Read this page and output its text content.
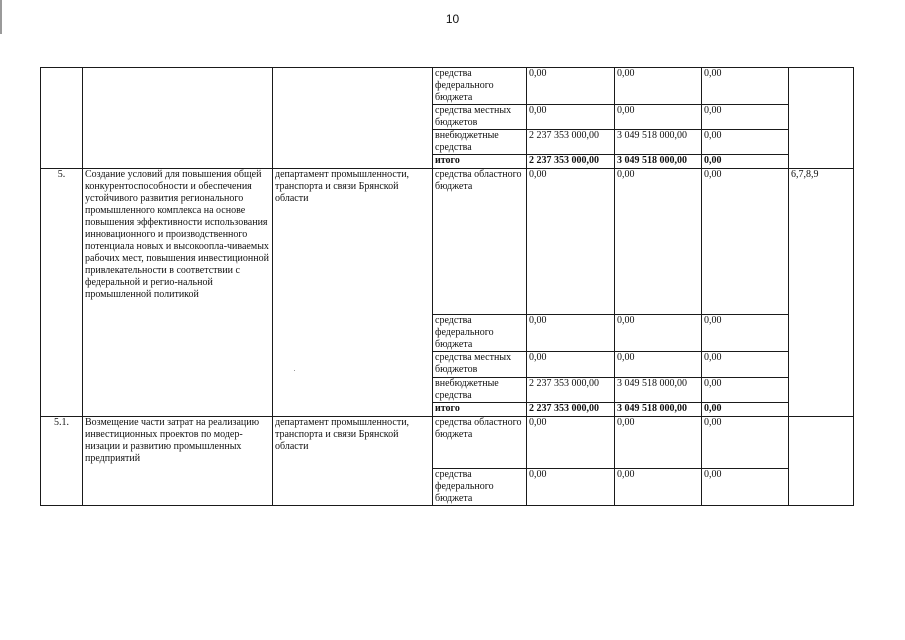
10
			средства федерального бюджета	0,00	0,00	0,00	
			средства местных бюджетов	0,00	0,00	0,00	
			внебюджетные средства	2 237 353 000,00	3 049 518 000,00	0,00	
			итого	2 237 353 000,00	3 049 518 000,00	0,00	
5.	Создание условий для повышения общей конкурентоспособности и обеспечения устойчивого развития регионального промышленного комплекса на основе повышения эффективности использования инновационного и производственного потенциала новых и высокоопла-чиваемых рабочих мест, повышения инвестиционной привлекательности в соответствии с федеральной и регио-нальной промышленной политикой	департамент промышленности, транспорта и связи Брянской области	средства областного бюджета	0,00	0,00	0,00	6,7,8,9
			средства федерального бюджета	0,00	0,00	0,00	
			средства местных бюджетов	0,00	0,00	0,00	
			внебюджетные средства	2 237 353 000,00	3 049 518 000,00	0,00	
			итого	2 237 353 000,00	3 049 518 000,00	0,00	
5.1.	Возмещение части затрат на реализацию инвестиционных проектов по модер-низации и развитию промышленных предприятий	департамент промышленности, транспорта и связи Брянской области	средства областного бюджета	0,00	0,00	0,00	
			средства федерального бюджета	0,00	0,00	0,00	
